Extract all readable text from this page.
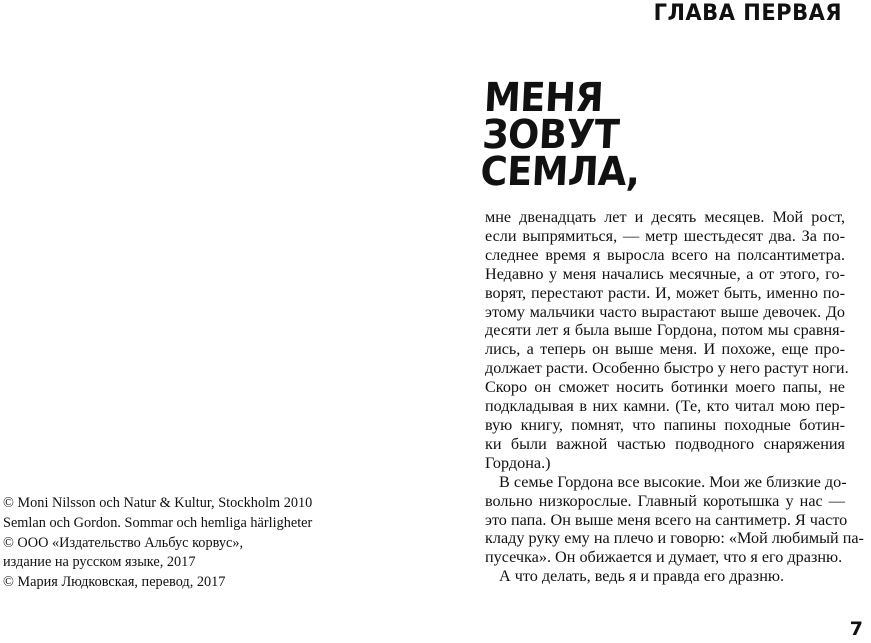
ГЛАВА ПЕРВАЯ
МЕНЯ
ЗОВУТ
СЕМЛА,
© Moni Nilsson och Natur & Kultur, Stockholm 2010
Semlan och Gordon. Sommar och hemliga härligheter
© ООО «Издательство Альбус корвус»,
издание на русском языке, 2017
© Мария Людковская, перевод, 2017
мне двенадцать лет и десять месяцев. Мой рост,
если выпрямиться, — метр шестьдесят два. За по-
следнее время я выросла всего на полсантиметра.
Недавно у меня начались месячные, а от этого, го-
ворят, перестают расти. И, может быть, именно по-
этому мальчики часто вырастают выше девочек. До
десяти лет я была выше Гордона, потом мы сравня-
лись, а теперь он выше меня. И похоже, еще про-
должает расти. Особенно быстро у него растут ноги.
Скоро он сможет носить ботинки моего папы, не
подкладывая в них камни. (Те, кто читал мою пер-
вую книгу, помнят, что папины походные ботин-
ки были важной частью подводного снаряжения
Гордона.)
В семье Гордона все высокие. Мои же близкие до-
вольно низкорослые. Главный коротышка у нас —
это папа. Он выше меня всего на сантиметр. Я часто
кладу руку ему на плечо и говорю: «Мой любимый па-
пусечка». Он обижается и думает, что я его дразню.
А что делать, ведь я и правда его дразню.
7
